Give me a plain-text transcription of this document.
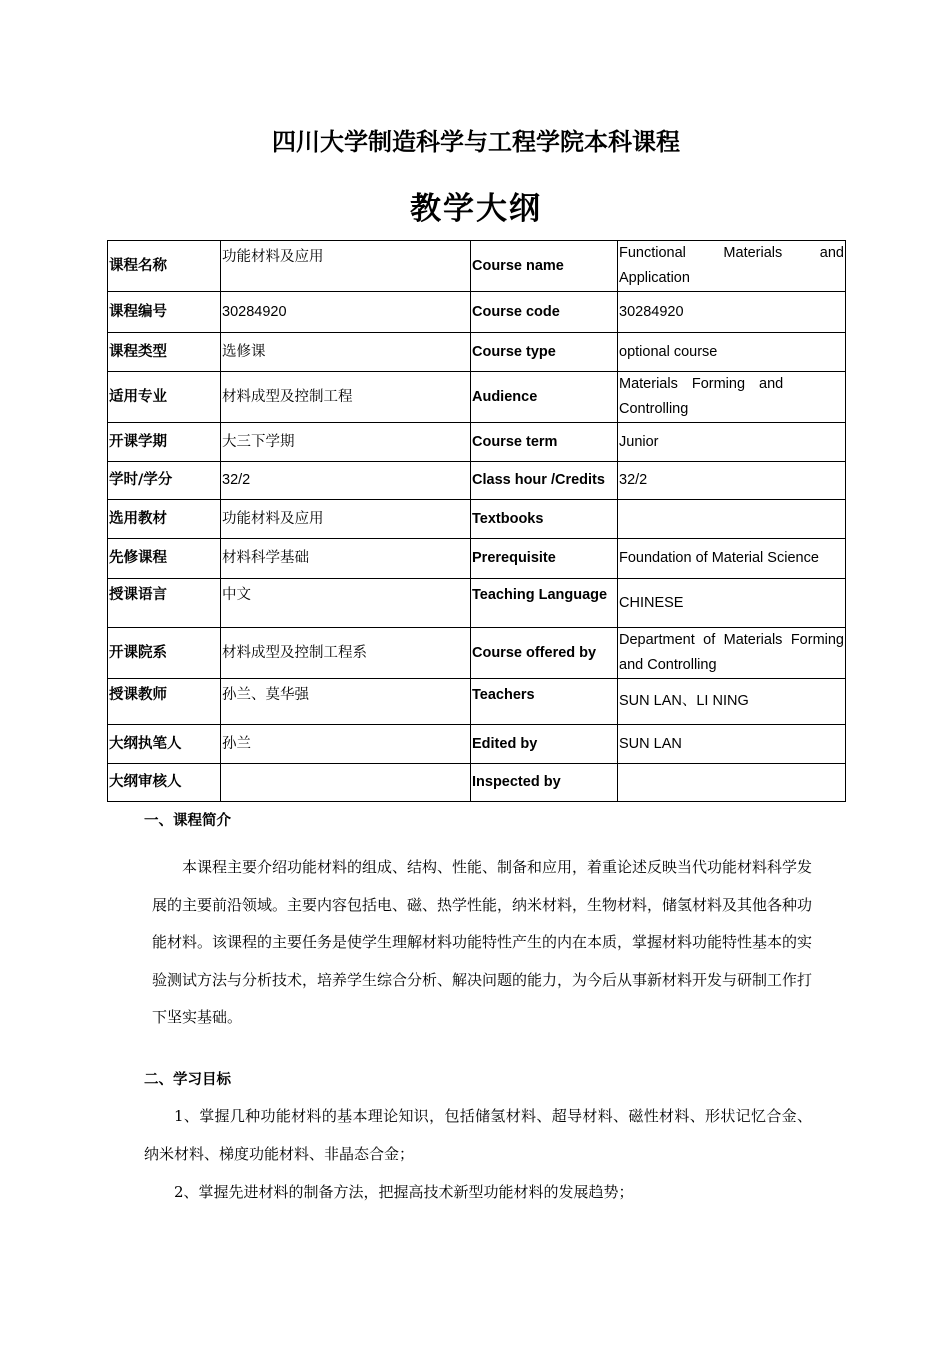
四川大学制造科学与工程学院本科课程
教学大纲
课程名称	功能材料及应用	Course name	Functional Materials and Application
课程编号	30284920	Course code	30284920
课程类型	选修课	Course type	optional course
适用专业	材料成型及控制工程	Audience	Materials Forming and Controlling
开课学期	大三下学期	Course term	Junior
学时/学分	32/2	Class hour /Credits	32/2
选用教材	功能材料及应用	Textbooks	
先修课程	材料科学基础	Prerequisite	Foundation of Material Science
授课语言	中文	Teaching Language	CHINESE
开课院系	材料成型及控制工程系	Course offered by	Department of Materials Forming and Controlling
授课教师	孙兰、莫华强	Teachers	SUN LAN、LI NING
大纲执笔人	孙兰	Edited by	SUN LAN
大纲审核人		Inspected by	
一、课程简介
本课程主要介绍功能材料的组成、结构、性能、制备和应用，着重论述反映当代功能材料科学发展的主要前沿领域。主要内容包括电、磁、热学性能，纳米材料，生物材料，储氢材料及其他各种功能材料。该课程的主要任务是使学生理解材料功能特性产生的内在本质，掌握材料功能特性基本的实验测试方法与分析技术，培养学生综合分析、解决问题的能力，为今后从事新材料开发与研制工作打下坚实基础。
二、学习目标
1、掌握几种功能材料的基本理论知识，包括储氢材料、超导材料、磁性材料、形状记忆合金、纳米材料、梯度功能材料、非晶态合金；
2、掌握先进材料的制备方法，把握高技术新型功能材料的发展趋势；
